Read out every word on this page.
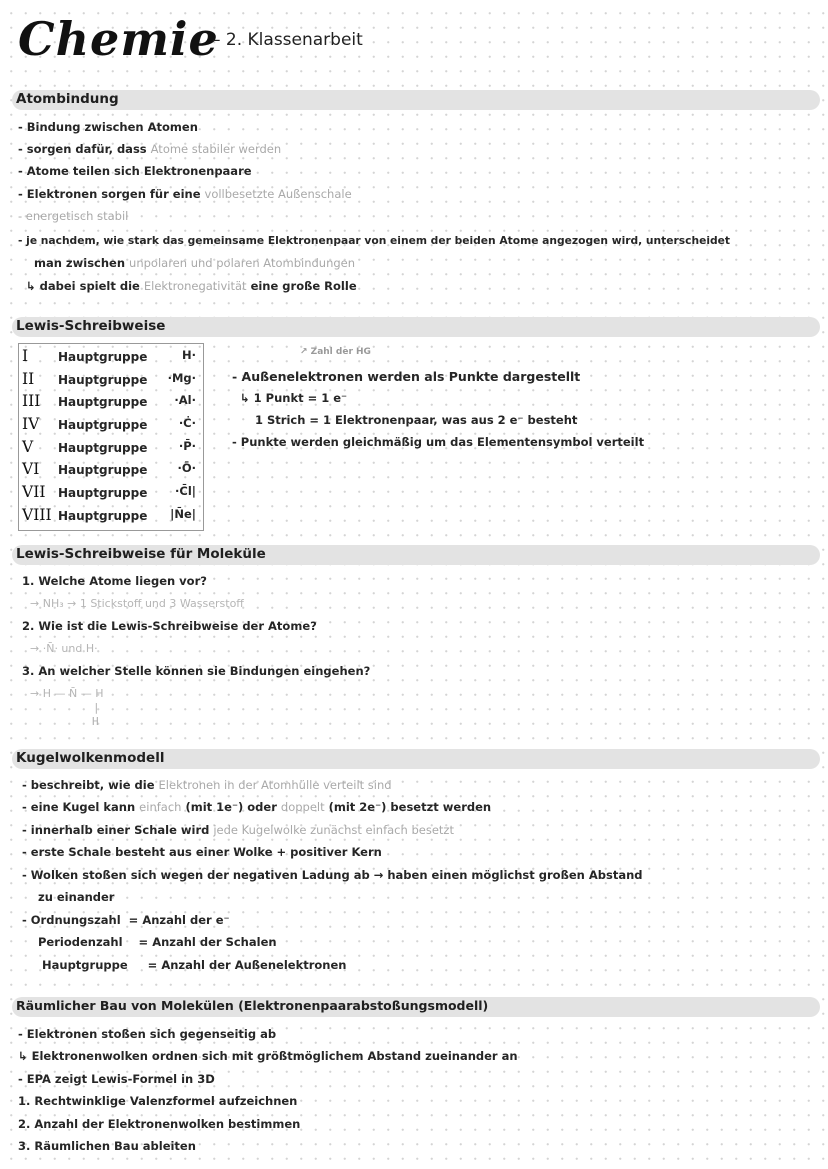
Chemie
– 2. Klassenarbeit
Atombindung
- Bindung zwischen Atomen
- sorgen dafür, dass Atome stabiler werden
- Atome teilen sich Elektronenpaare
- Elektronen sorgen für eine vollbesetzte Außenschale
- energetisch stabil
- je nachdem, wie stark das gemeinsame Elektronenpaar von einem der beiden Atome angezogen wird, unterscheidet
man zwischen unpolaren und polaren Atombindungen
↳ dabei spielt die Elektronegativität eine große Rolle
Lewis-Schreibweise
I Hauptgruppe	H·
II Hauptgruppe ·Mg·
III Hauptgruppe ·Al·
IV Hauptgruppe	·Ċ·
V Hauptgruppe	·P̄·
VI Hauptgruppe	·Ō·
VII Hauptgruppe ·C̄l|
VIII Hauptgruppe |N̄e|
↗ Zahl der HG
- Außenelektronen werden als Punkte dargestellt
↳ 1 Punkt = 1 e⁻
1 Strich = 1 Elektronenpaar, was aus 2 e⁻ besteht
- Punkte werden gleichmäßig um das Elementensymbol verteilt
Lewis-Schreibweise für Moleküle
1. Welche Atome liegen vor?
→ NH₃ → 1 Stickstoff und 3 Wasserstoff
2. Wie ist die Lewis-Schreibweise der Atome?
→ ·N̄· und H·
3. An welcher Stelle können sie Bindungen eingehen?
→ H — N̄ — H
|
H
Kugelwolkenmodell
- beschreibt, wie die Elektronen in der Atomhülle verteilt sind
- eine Kugel kann einfach (mit 1e⁻) oder doppelt (mit 2e⁻) besetzt werden
- innerhalb einer Schale wird jede Kugelwolke zunächst einfach besetzt
- erste Schale besteht aus einer Wolke + positiver Kern
- Wolken stoßen sich wegen der negativen Ladung ab → haben einen möglichst großen Abstand
zu einander
- Ordnungszahl  = Anzahl der e⁻
Periodenzahl    = Anzahl der Schalen
Hauptgruppe     = Anzahl der Außenelektronen
Räumlicher Bau von Molekülen (Elektronenpaarabstoßungsmodell)
- Elektronen stoßen sich gegenseitig ab
↳ Elektronenwolken ordnen sich mit größtmöglichem Abstand zueinander an
- EPA zeigt Lewis-Formel in 3D
1. Rechtwinklige Valenzformel aufzeichnen
2. Anzahl der Elektronenwolken bestimmen
3. Räumlichen Bau ableiten
